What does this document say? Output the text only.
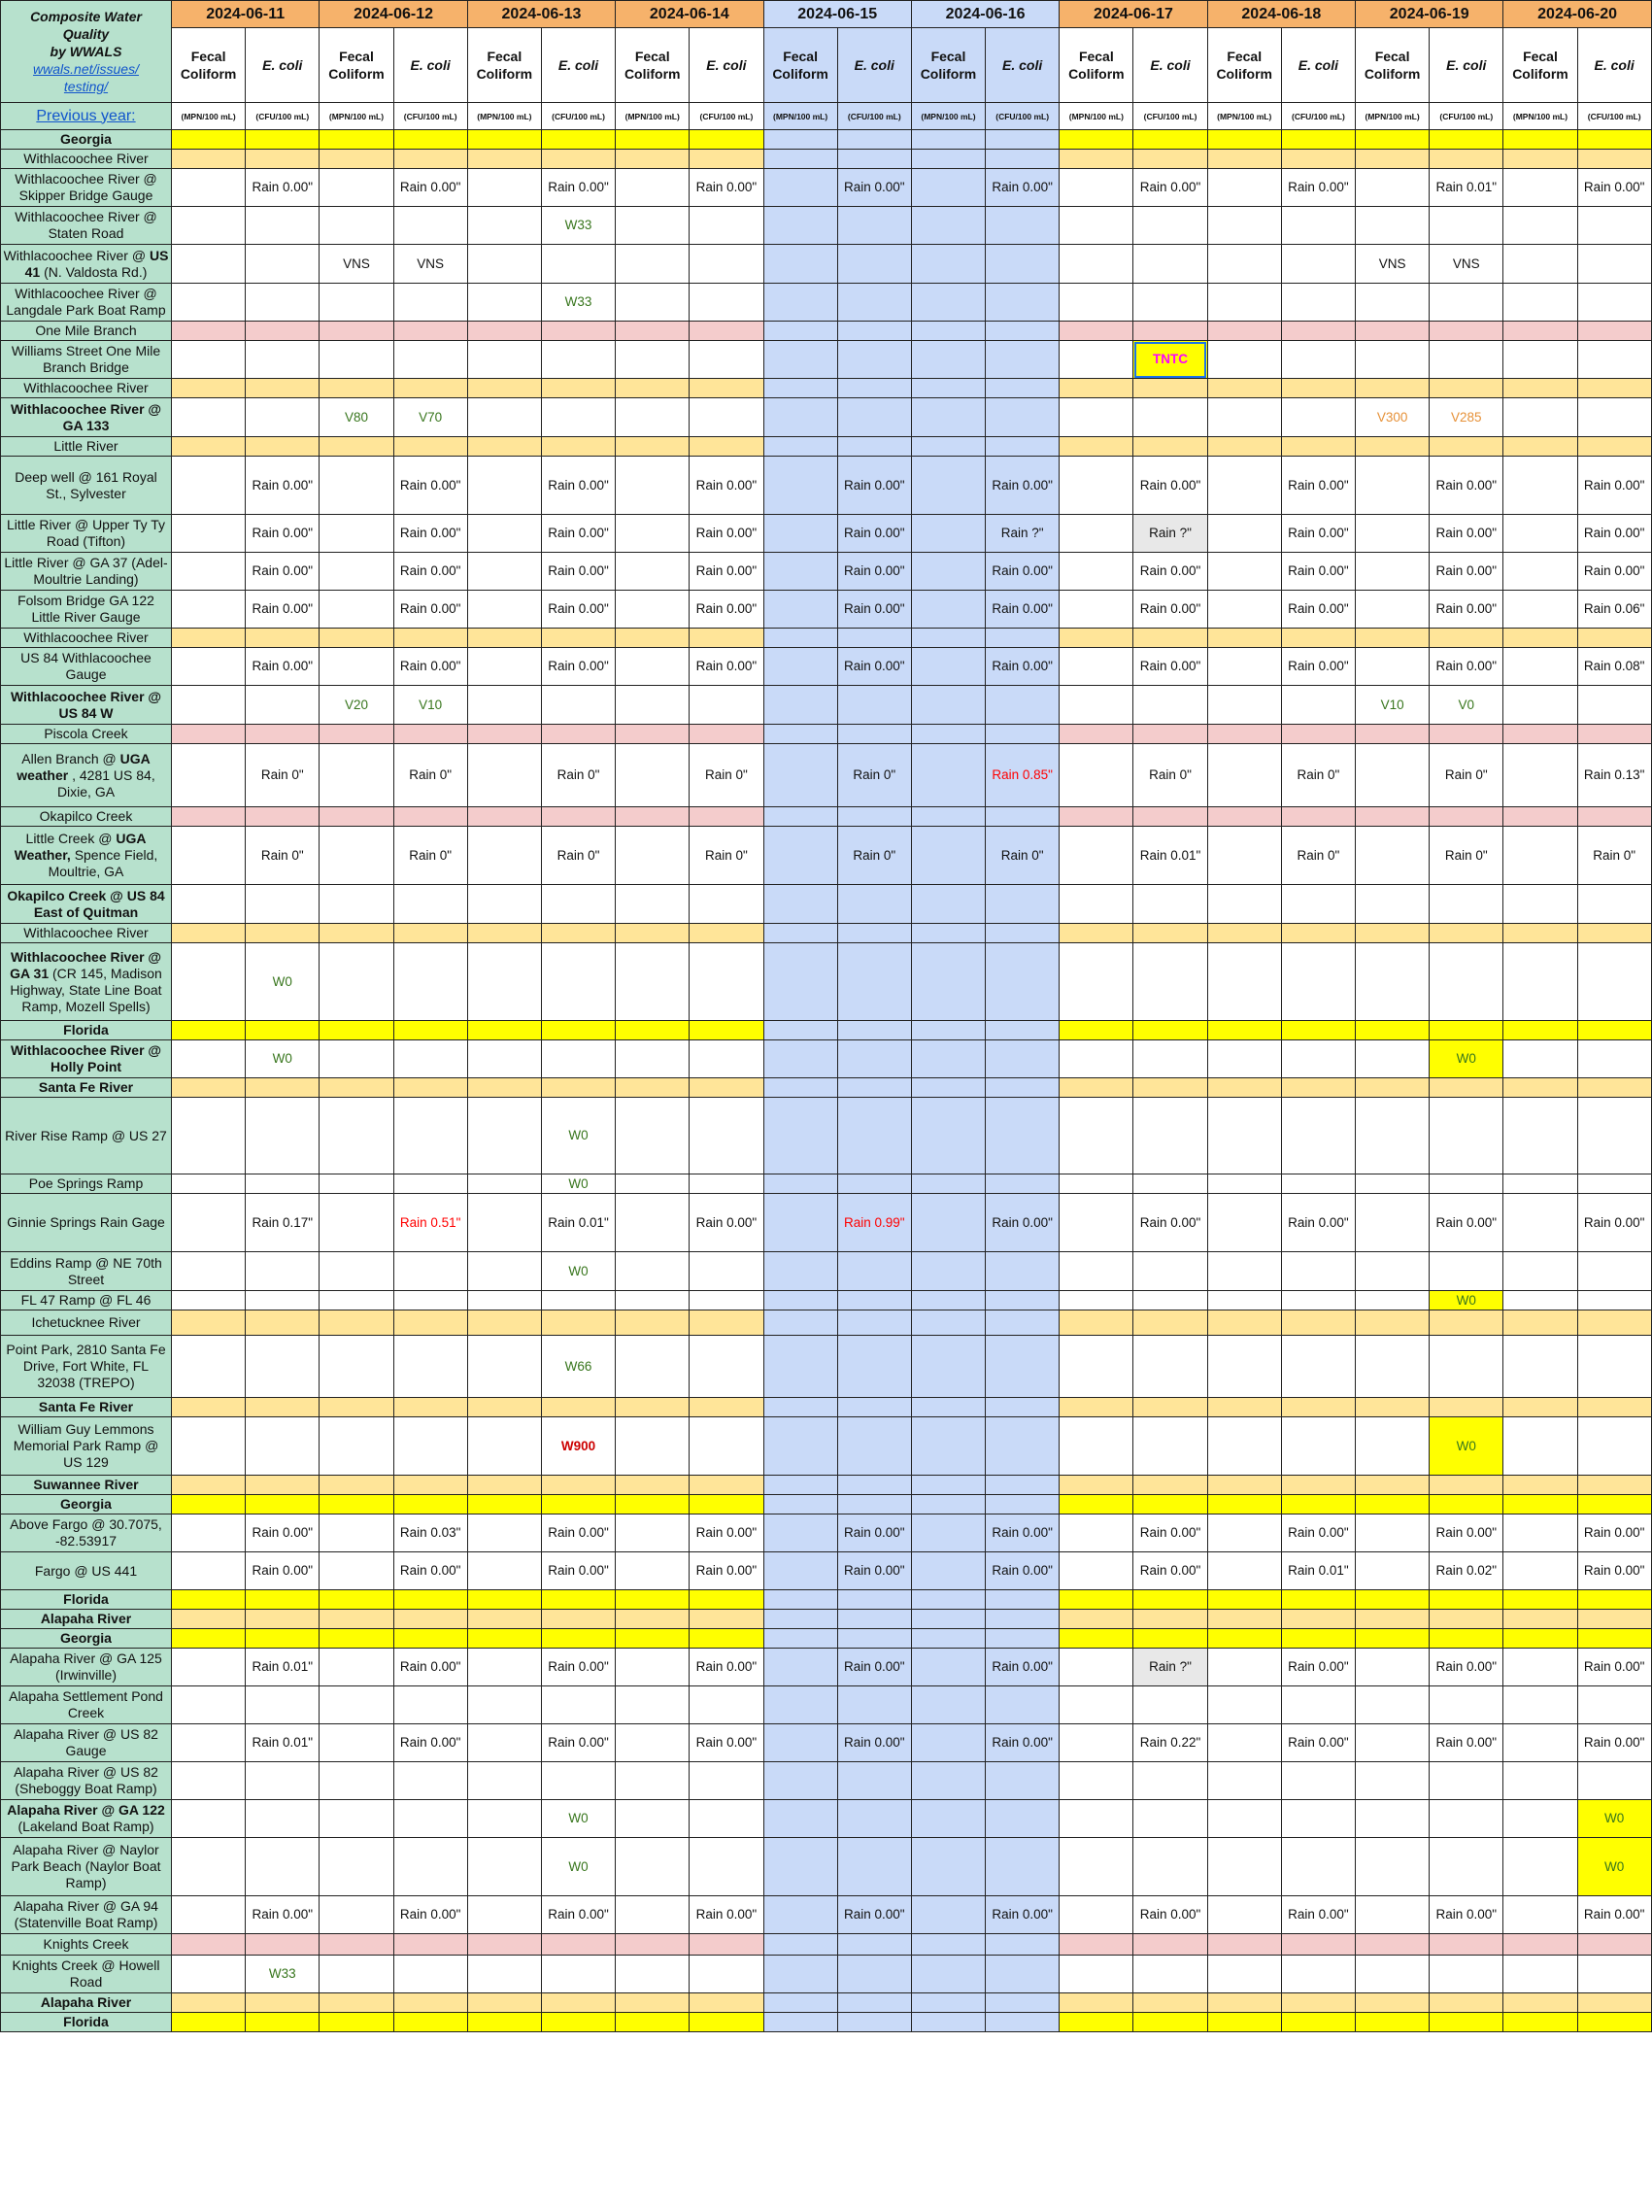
Composite Water
Quality
by WWALS
wwals.net/issues/
testing/	2024-06-11		2024-06-12		2024-06-13		2024-06-14		2024-06-15		2024-06-16		2024-06-17		2024-06-18		2024-06-19		2024-06-20	
	Fecal Coliform	E. coli	Fecal Coliform	E. coli	Fecal Coliform	E. coli	Fecal Coliform	E. coli	Fecal Coliform	E. coli	Fecal Coliform	E. coli	Fecal Coliform	E. coli	Fecal Coliform	E. coli	Fecal Coliform	E. coli	Fecal Coliform	E. coli
Previous year:	(MPN/100 mL)	(CFU/100 mL)	(MPN/100 mL)	(CFU/100 mL)	(MPN/100 mL)	(CFU/100 mL)	(MPN/100 mL)	(CFU/100 mL)	(MPN/100 mL)	(CFU/100 mL)	(MPN/100 mL)	(CFU/100 mL)	(MPN/100 mL)	(CFU/100 mL)	(MPN/100 mL)	(CFU/100 mL)	(MPN/100 mL)	(CFU/100 mL)	(MPN/100 mL)	(CFU/100 mL)
Georgia																				
Withlacoochee River																				
Withlacoochee River @ Skipper Bridge Gauge		Rain 0.00"		Rain 0.00"		Rain 0.00"		Rain 0.00"		Rain 0.00"		Rain 0.00"		Rain 0.00"		Rain 0.00"		Rain 0.01"		Rain 0.00"
Withlacoochee River @ Staten Road						W33														
Withlacoochee River @ US 41 (N. Valdosta Rd.)			VNS	VNS													VNS	VNS		
Withlacoochee River @ Langdale Park Boat Ramp						W33														
One Mile Branch																				
Williams Street One Mile Branch Bridge														TNTC						
Withlacoochee River																				
Withlacoochee River @ GA 133			V80	V70													V300	V285		
Little River																				
Deep well @ 161 Royal St., Sylvester		Rain 0.00"		Rain 0.00"		Rain 0.00"		Rain 0.00"		Rain 0.00"		Rain 0.00"		Rain 0.00"		Rain 0.00"		Rain 0.00"		Rain 0.00"
Little River @ Upper Ty Ty Road (Tifton)		Rain 0.00"		Rain 0.00"		Rain 0.00"		Rain 0.00"		Rain 0.00"		Rain ?"		Rain ?"		Rain 0.00"		Rain 0.00"		Rain 0.00"
Little River @ GA 37 (Adel-Moultrie Landing)		Rain 0.00"		Rain 0.00"		Rain 0.00"		Rain 0.00"		Rain 0.00"		Rain 0.00"		Rain 0.00"		Rain 0.00"		Rain 0.00"		Rain 0.00"
Folsom Bridge GA 122 Little River Gauge		Rain 0.00"		Rain 0.00"		Rain 0.00"		Rain 0.00"		Rain 0.00"		Rain 0.00"		Rain 0.00"		Rain 0.00"		Rain 0.00"		Rain 0.06"
Withlacoochee River																				
US 84 Withlacoochee Gauge		Rain 0.00"		Rain 0.00"		Rain 0.00"		Rain 0.00"		Rain 0.00"		Rain 0.00"		Rain 0.00"		Rain 0.00"		Rain 0.00"		Rain 0.08"
Withlacoochee River @ US 84 W			V20	V10													V10	V0		
Piscola Creek																				
Allen Branch @ UGA weather , 4281 US 84, Dixie, GA		Rain 0"		Rain 0"		Rain 0"		Rain 0"		Rain 0"		Rain 0.85"		Rain 0"		Rain 0"		Rain 0"		Rain 0.13"
Okapilco Creek																				
Little Creek @ UGA Weather, Spence Field, Moultrie, GA		Rain 0"		Rain 0"		Rain 0"		Rain 0"		Rain 0"		Rain 0"		Rain 0.01"		Rain 0"		Rain 0"		Rain 0"
Okapilco Creek @ US 84 East of Quitman																				
Withlacoochee River																				
Withlacoochee River @ GA 31 (CR 145, Madison Highway, State Line Boat Ramp, Mozell Spells)		W0																		
Florida																				
Withlacoochee River @ Holly Point		W0																W0		
Santa Fe River																				
River Rise Ramp @ US 27						W0														
Poe Springs Ramp						W0														
Ginnie Springs Rain Gage		Rain 0.17"		Rain 0.51"		Rain 0.01"		Rain 0.00"		Rain 0.99"		Rain 0.00"		Rain 0.00"		Rain 0.00"		Rain 0.00"		Rain 0.00"
Eddins Ramp @ NE 70th Street						W0														
FL 47 Ramp @ FL 46																		W0		
Ichetucknee River																				
Point Park, 2810 Santa Fe Drive, Fort White, FL 32038 (TREPO)						W66														
Santa Fe River																				
William Guy Lemmons Memorial Park Ramp @ US 129						W900												W0		
Suwannee River																				
Georgia																				
Above Fargo @ 30.7075, -82.53917		Rain 0.00"		Rain 0.03"		Rain 0.00"		Rain 0.00"		Rain 0.00"		Rain 0.00"		Rain 0.00"		Rain 0.00"		Rain 0.00"		Rain 0.00"
Fargo @ US 441		Rain 0.00"		Rain 0.00"		Rain 0.00"		Rain 0.00"		Rain 0.00"		Rain 0.00"		Rain 0.00"		Rain 0.01"		Rain 0.02"		Rain 0.00"
Florida																				
Alapaha River																				
Georgia																				
Alapaha River @ GA 125 (Irwinville)		Rain 0.01"		Rain 0.00"		Rain 0.00"		Rain 0.00"		Rain 0.00"		Rain 0.00"		Rain ?"		Rain 0.00"		Rain 0.00"		Rain 0.00"
Alapaha Settlement Pond Creek																				
Alapaha River @ US 82 Gauge		Rain 0.01"		Rain 0.00"		Rain 0.00"		Rain 0.00"		Rain 0.00"		Rain 0.00"		Rain 0.22"		Rain 0.00"		Rain 0.00"		Rain 0.00"
Alapaha River @ US 82 (Sheboggy Boat Ramp)																				
Alapaha River @ GA 122 (Lakeland Boat Ramp)						W0														W0
Alapaha River @ Naylor Park Beach (Naylor Boat Ramp)						W0														W0
Alapaha River @ GA 94 (Statenville Boat Ramp)		Rain 0.00"		Rain 0.00"		Rain 0.00"		Rain 0.00"		Rain 0.00"		Rain 0.00"		Rain 0.00"		Rain 0.00"		Rain 0.00"		Rain 0.00"
Knights Creek																				
Knights Creek @ Howell Road		W33																		
Alapaha River																				
Florida																				
